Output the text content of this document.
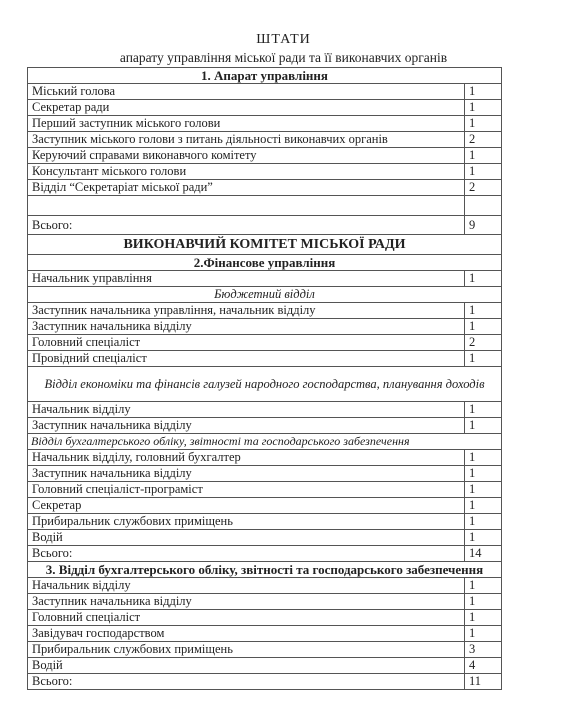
ШТАТИ
апарату управління міської ради та її виконавчих органів
1. Апарат управління	
Міський голова	1
Секретар ради	1
Перший заступник міського голови	1
Заступник міського голови з питань діяльності виконавчих органів	2
Керуючий справами виконавчого комітету	1
Консультант міського голови	1
Відділ “Секретаріат міської ради”	2

Всього:	9
ВИКОНАВЧИЙ КОМІТЕТ МІСЬКОЇ РАДИ	
2.Фінансове управління	
Начальник управління	1
Бюджетний відділ	
Заступник начальника управління, начальник відділу	1
Заступник начальника відділу	1
Головний спеціаліст	2
Провідний спеціаліст	1
Відділ економіки та фінансів галузей народного господарства, планування доходів	
Начальник відділу	1
Заступник начальника відділу	1
Відділ бухгалтерського обліку, звітності та господарського забезпечення	
Начальник відділу, головний бухгалтер	1
Заступник начальника відділу	1
Головний спеціаліст-програміст	1
Секретар	1
Прибиральник службових приміщень	1
Водій	1
Всього:	14
3. Відділ бухгалтерського обліку, звітності та господарського забезпечення	
Начальник відділу	1
Заступник начальника відділу	1
Головний спеціаліст	1
Завідувач господарством	1
Прибиральник службових приміщень	3
Водій	4
Всього:	11
